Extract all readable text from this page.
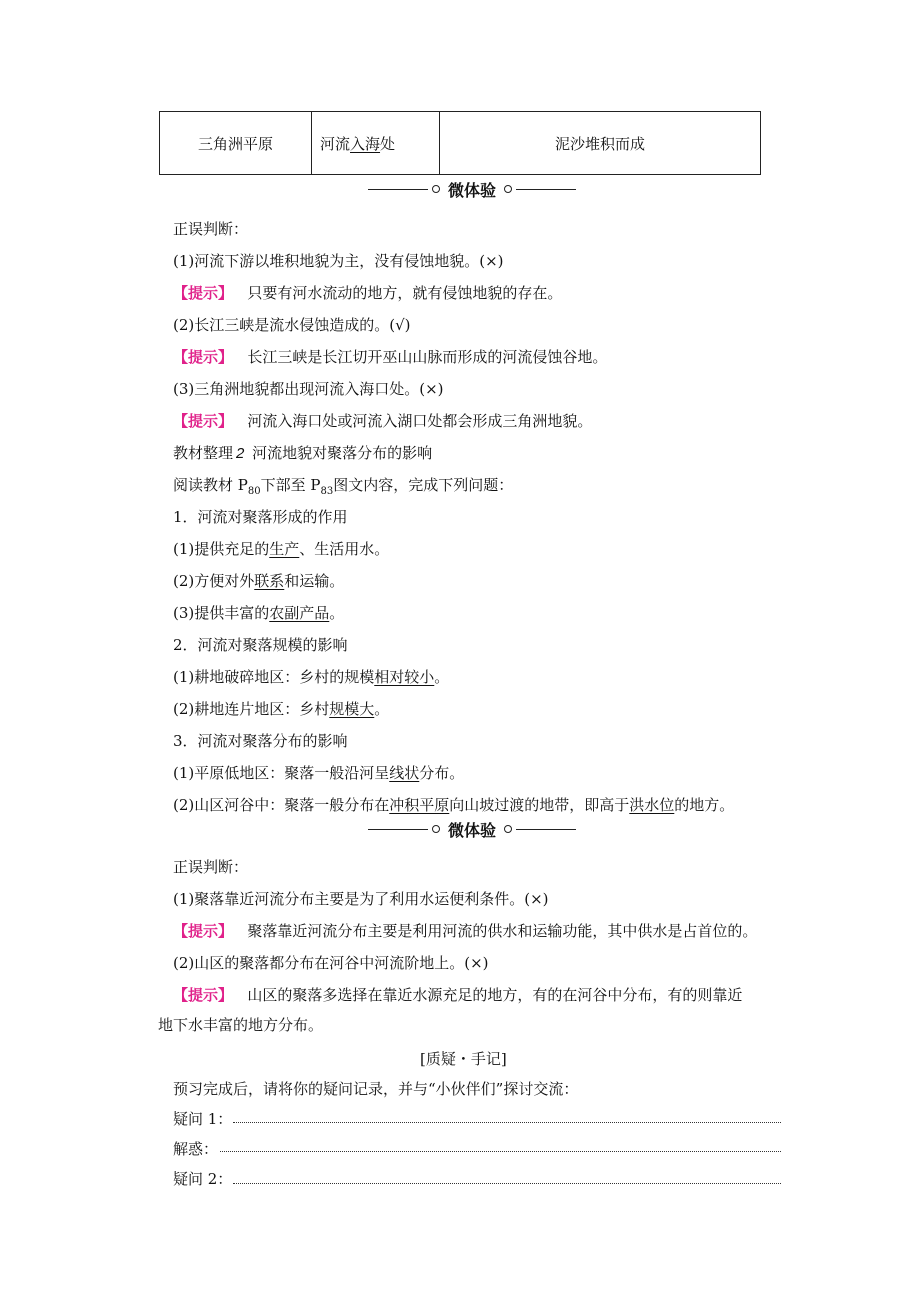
三角洲平原	河流入海处	泥沙堆积而成
微体验
正误判断：
(1)河流下游以堆积地貌为主，没有侵蚀地貌。(×)
【提示】 只要有河水流动的地方，就有侵蚀地貌的存在。
(2)长江三峡是流水侵蚀造成的。(√)
【提示】 长江三峡是长江切开巫山山脉而形成的河流侵蚀谷地。
(3)三角洲地貌都出现河流入海口处。(×)
【提示】 河流入海口处或河流入湖口处都会形成三角洲地貌。
教材整理 2 河流地貌对聚落分布的影响
阅读教材 $P_{80}$下部至 $P_{83}$图文内容，完成下列问题：
1．河流对聚落形成的作用
(1)提供充足的生产、生活用水。
(2)方便对外联系和运输。
(3)提供丰富的农副产品。
2．河流对聚落规模的影响
(1)耕地破碎地区：乡村的规模相对较小。
(2)耕地连片地区：乡村规模大。
3．河流对聚落分布的影响
(1)平原低地区：聚落一般沿河呈线状分布。
(2)山区河谷中：聚落一般分布在冲积平原向山坡过渡的地带，即高于洪水位的地方。
微体验
正误判断：
(1)聚落靠近河流分布主要是为了利用水运便利条件。(×)
【提示】 聚落靠近河流分布主要是利用河流的供水和运输功能，其中供水是占首位的。
(2)山区的聚落都分布在河谷中河流阶地上。(×)
【提示】 山区的聚落多选择在靠近水源充足的地方，有的在河谷中分布，有的则靠近
地下水丰富的地方分布。
[质疑・手记]
预习完成后，请将你的疑问记录，并与“小伙伴们”探讨交流：
疑问 1：
解惑：
疑问 2：
